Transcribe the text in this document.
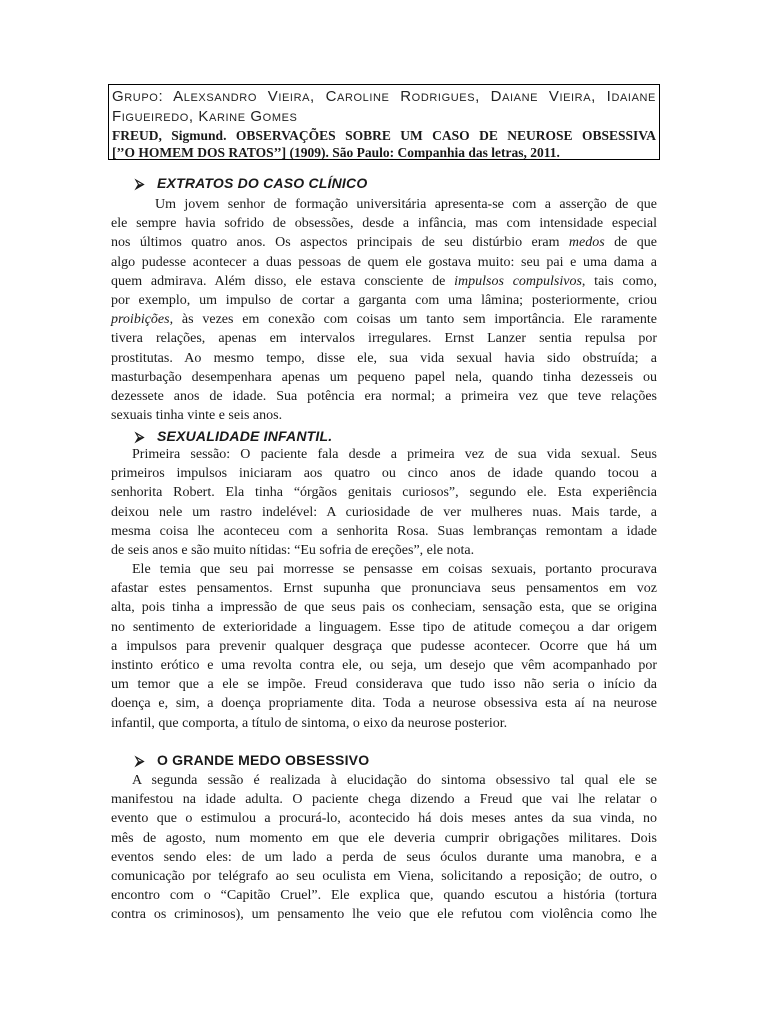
Grupo: Alexsandro Vieira, Caroline Rodrigues, Daiane Vieira, Idaiane
Figueiredo, Karine Gomes
FREUD, Sigmund. OBSERVAÇÕES SOBRE UM CASO DE NEUROSE OBSESSIVA
[’’O HOMEM DOS RATOS’’] (1909). São Paulo: Companhia das letras, 2011.
⮚ EXTRATOS DO CASO CLÍNICO
Um jovem senhor de formação universitária apresenta-se com a asserção de que
ele sempre havia sofrido de obsessões, desde a infância, mas com intensidade especial
nos últimos quatro anos. Os aspectos principais de seu distúrbio eram medos de que
algo pudesse acontecer a duas pessoas de quem ele gostava muito: seu pai e uma dama a
quem admirava. Além disso, ele estava consciente de impulsos compulsivos, tais como,
por exemplo, um impulso de cortar a garganta com uma lâmina; posteriormente, criou
proibições, às vezes em conexão com coisas um tanto sem importância. Ele raramente
tivera relações, apenas em intervalos irregulares. Ernst Lanzer sentia repulsa por
prostitutas. Ao mesmo tempo, disse ele, sua vida sexual havia sido obstruída; a
masturbação desempenhara apenas um pequeno papel nela, quando tinha dezesseis ou
dezessete anos de idade. Sua potência era normal; a primeira vez que teve relações
sexuais tinha vinte e seis anos.
⮚ SEXUALIDADE INFANTIL.
Primeira sessão: O paciente fala desde a primeira vez de sua vida sexual. Seus
primeiros impulsos iniciaram aos quatro ou cinco anos de idade quando tocou a
senhorita Robert. Ela tinha “órgãos genitais curiosos”, segundo ele. Esta experiência
deixou nele um rastro indelével: A curiosidade de ver mulheres nuas. Mais tarde, a
mesma coisa lhe aconteceu com a senhorita Rosa. Suas lembranças remontam a idade
de seis anos e são muito nítidas: “Eu sofria de ereções”, ele nota.
Ele temia que seu pai morresse se pensasse em coisas sexuais, portanto procurava
afastar estes pensamentos. Ernst supunha que pronunciava seus pensamentos em voz
alta, pois tinha a impressão de que seus pais os conheciam, sensação esta, que se origina
no sentimento de exterioridade a linguagem. Esse tipo de atitude começou a dar origem
a impulsos para prevenir qualquer desgraça que pudesse acontecer. Ocorre que há um
instinto erótico e uma revolta contra ele, ou seja, um desejo que vêm acompanhado por
um temor que a ele se impõe. Freud considerava que tudo isso não seria o início da
doença e, sim, a doença propriamente dita. Toda a neurose obsessiva esta aí na neurose
infantil, que comporta, a título de sintoma, o eixo da neurose posterior.
⮚ O GRANDE MEDO OBSESSIVO
A segunda sessão é realizada à elucidação do sintoma obsessivo tal qual ele se
manifestou na idade adulta. O paciente chega dizendo a Freud que vai lhe relatar o
evento que o estimulou a procurá-lo, acontecido há dois meses antes da sua vinda, no
mês de agosto, num momento em que ele deveria cumprir obrigações militares. Dois
eventos sendo eles: de um lado a perda de seus óculos durante uma manobra, e a
comunicação por telégrafo ao seu oculista em Viena, solicitando a reposição; de outro, o
encontro com o “Capitão Cruel”. Ele explica que, quando escutou a história (tortura
contra os criminosos), um pensamento lhe veio que ele refutou com violência como lhe
